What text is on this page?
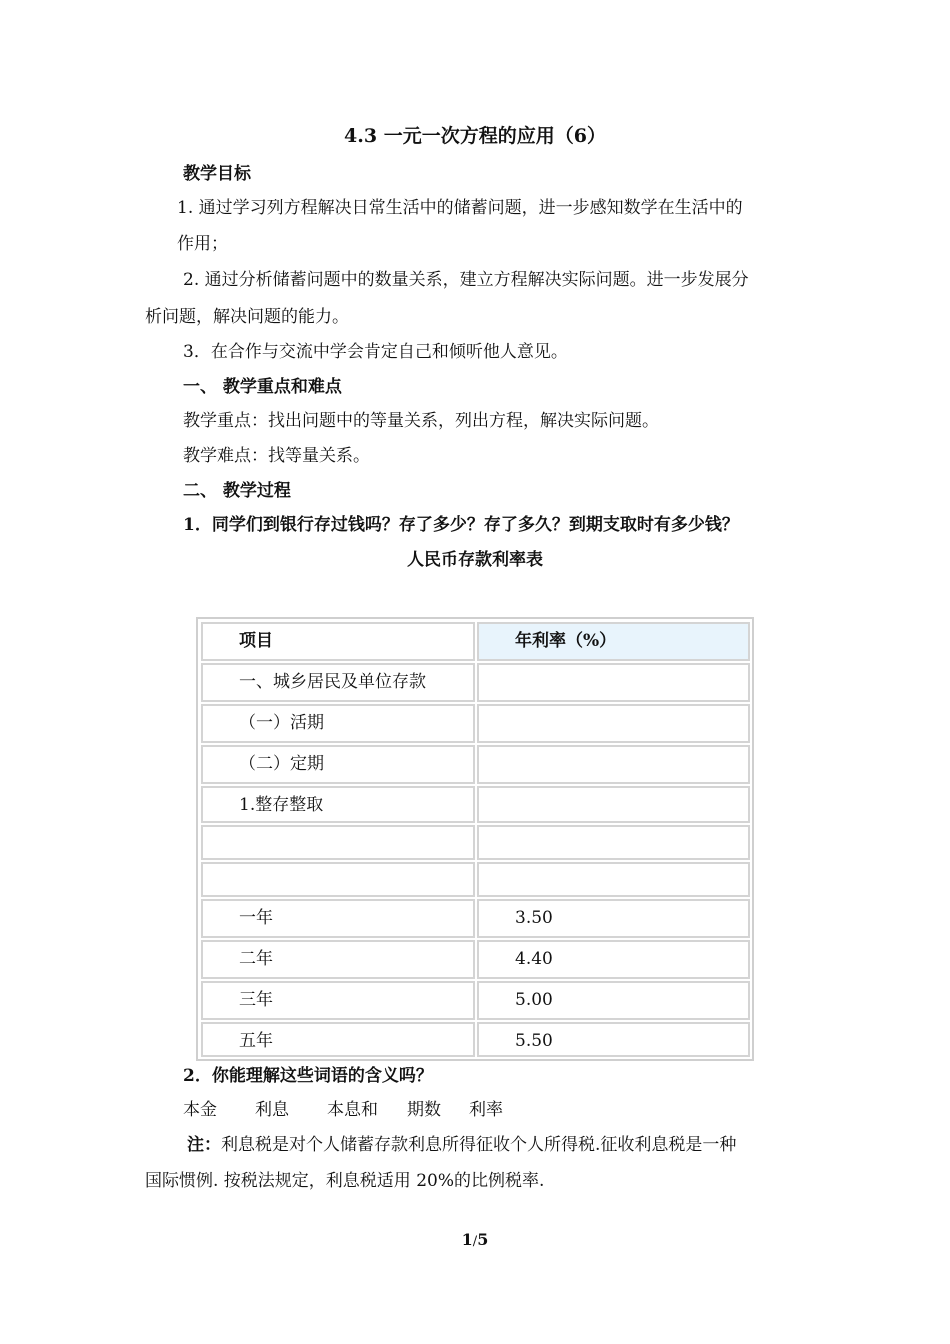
4.3 一元一次方程的应用（6）
教学目标
1. 通过学习列方程解决日常生活中的储蓄问题，进一步感知数学在生活中的
作用；
2. 通过分析储蓄问题中的数量关系，建立方程解决实际问题。进一步发展分
析问题，解决问题的能力。
3．在合作与交流中学会肯定自己和倾听他人意见。
一、 教学重点和难点
教学重点：找出问题中的等量关系，列出方程，解决实际问题。
教学难点：找等量关系。
二、 教学过程
1．同学们到银行存过钱吗？存了多少？存了多久？到期支取时有多少钱？
人民币存款利率表
项目	年利率（%）
一、城乡居民及单位存款
（一）活期
（二）定期
1.整存整取
一年	3.50
二年	4.40
三年	5.00
五年	5.50
2．你能理解这些词语的含义吗？
本金 利息 本息和 期数 利率
注：利息税是对个人储蓄存款利息所得征收个人所得税.征收利息税是一种
国际惯例. 按税法规定，利息税适用 20%的比例税率.
1/5
